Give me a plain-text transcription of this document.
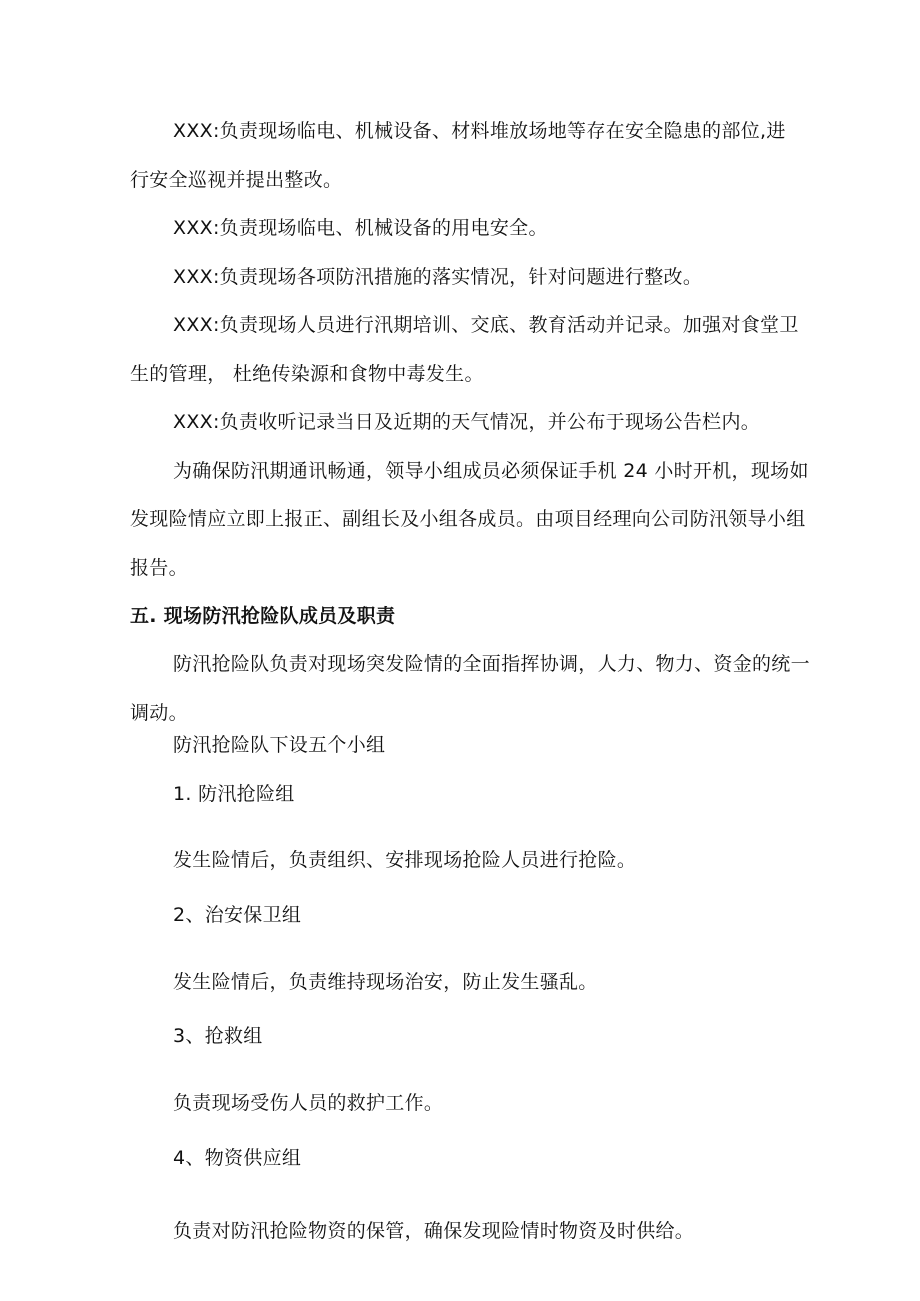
XXX:负责现场临电、机械设备、材料堆放场地等存在安全隐患的部位,进
行安全巡视并提出整改。
XXX:负责现场临电、机械设备的用电安全。
XXX:负责现场各项防汛措施的落实情况，针对问题进行整改。
XXX:负责现场人员进行汛期培训、交底、教育活动并记录。加强对食堂卫
生的管理， 杜绝传染源和食物中毒发生。
XXX:负责收听记录当日及近期的天气情况，并公布于现场公告栏内。
为确保防汛期通讯畅通，领导小组成员必须保证手机 24 小时开机，现场如
发现险情应立即上报正、副组长及小组各成员。由项目经理向公司防汛领导小组
报告。
五. 现场防汛抢险队成员及职责
防汛抢险队负责对现场突发险情的全面指挥协调，人力、物力、资金的统一
调动。
防汛抢险队下设五个小组
1. 防汛抢险组
发生险情后，负责组织、安排现场抢险人员进行抢险。
2、治安保卫组
发生险情后，负责维持现场治安，防止发生骚乱。
3、抢救组
负责现场受伤人员的救护工作。
4、物资供应组
负责对防汛抢险物资的保管，确保发现险情时物资及时供给。
